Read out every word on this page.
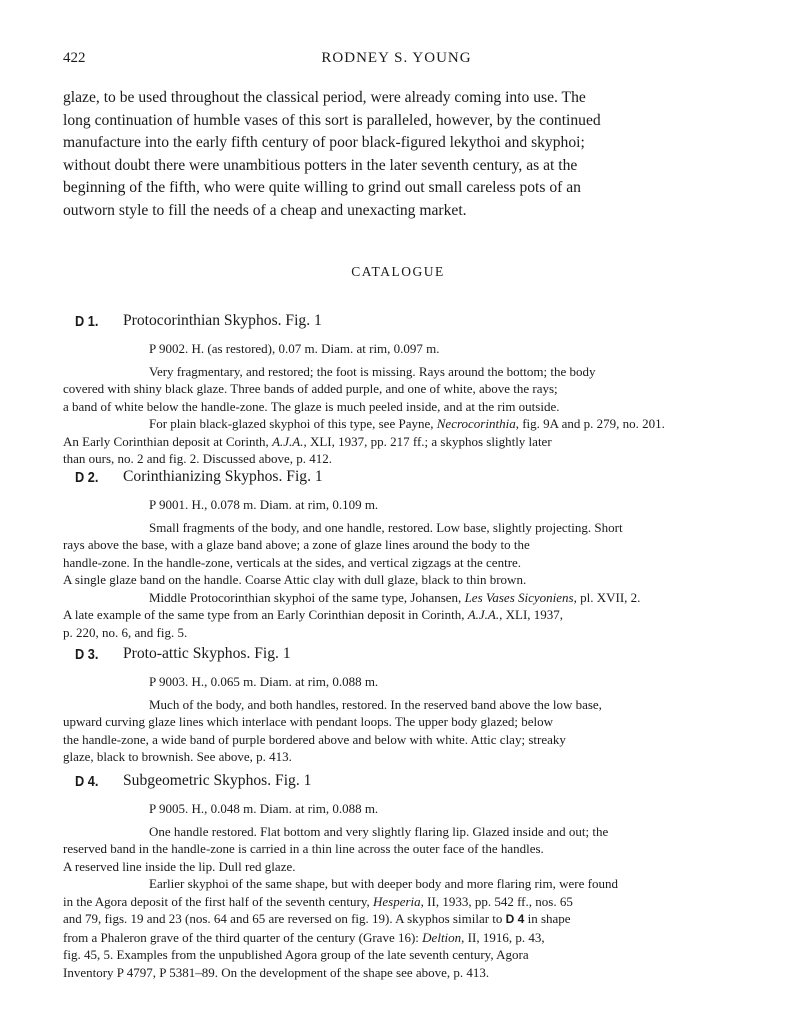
422	RODNEY S. YOUNG

glaze, to be used throughout the classical period, were already coming into use. The

long continuation of humble vases of this sort is paralleled, however, by the continued

manufacture into the early fifth century of poor black-figured lekythoi and skyphoi;

without doubt there were unambitious potters in the later seventh century, as at the

beginning of the fifth, who were quite willing to grind out small careless pots of an

outworn style to fill the needs of a cheap and unexacting market.

CATALOGUE
D 1. Protocorinthian Skyphos. Fig. 1
P 9002. H. (as restored), 0.07 m. Diam. at rim, 0.097 m.

Very fragmentary, and restored; the foot is missing. Rays around the bottom; the body

covered with shiny black glaze. Three bands of added purple, and one of white, above the rays;

a band of white below the handle-zone. The glaze is much peeled inside, and at the rim outside.

For plain black-glazed skyphoi of this type, see Payne, Necrocorinthia, fig. 9A and p. 279, no. 201.

An Early Corinthian deposit at Corinth, A.J.A., XLI, 1937, pp. 217 ff.; a skyphos slightly later

than ours, no. 2 and fig. 2. Discussed above, p. 412.

D 2. Corinthianizing Skyphos. Fig. 1
P 9001. H., 0.078 m. Diam. at rim, 0.109 m.

Small fragments of the body, and one handle, restored. Low base, slightly projecting. Short

rays above the base, with a glaze band above; a zone of glaze lines around the body to the

handle-zone. In the handle-zone, verticals at the sides, and vertical zigzags at the centre.

A single glaze band on the handle. Coarse Attic clay with dull glaze, black to thin brown.

Middle Protocorinthian skyphoi of the same type, Johansen, Les Vases Sicyoniens, pl. XVII, 2.

A late example of the same type from an Early Corinthian deposit in Corinth, A.J.A., XLI, 1937,

p. 220, no. 6, and fig. 5.

D 3. Proto-attic Skyphos. Fig. 1
P 9003. H., 0.065 m. Diam. at rim, 0.088 m.

Much of the body, and both handles, restored. In the reserved band above the low base,

upward curving glaze lines which interlace with pendant loops. The upper body glazed; below

the handle-zone, a wide band of purple bordered above and below with white. Attic clay; streaky

glaze, black to brownish. See above, p. 413.

D 4. Subgeometric Skyphos. Fig. 1
P 9005. H., 0.048 m. Diam. at rim, 0.088 m.

One handle restored. Flat bottom and very slightly flaring lip. Glazed inside and out; the

reserved band in the handle-zone is carried in a thin line across the outer face of the handles.

A reserved line inside the lip. Dull red glaze.

Earlier skyphoi of the same shape, but with deeper body and more flaring rim, were found

in the Agora deposit of the first half of the seventh century, Hesperia, II, 1933, pp. 542 ff., nos. 65

and 79, figs. 19 and 23 (nos. 64 and 65 are reversed on fig. 19). A skyphos similar to D 4 in shape

from a Phaleron grave of the third quarter of the century (Grave 16): Deltion, II, 1916, p. 43,

fig. 45, 5. Examples from the unpublished Agora group of the late seventh century, Agora

Inventory P 4797, P 5381–89. On the development of the shape see above, p. 413.
